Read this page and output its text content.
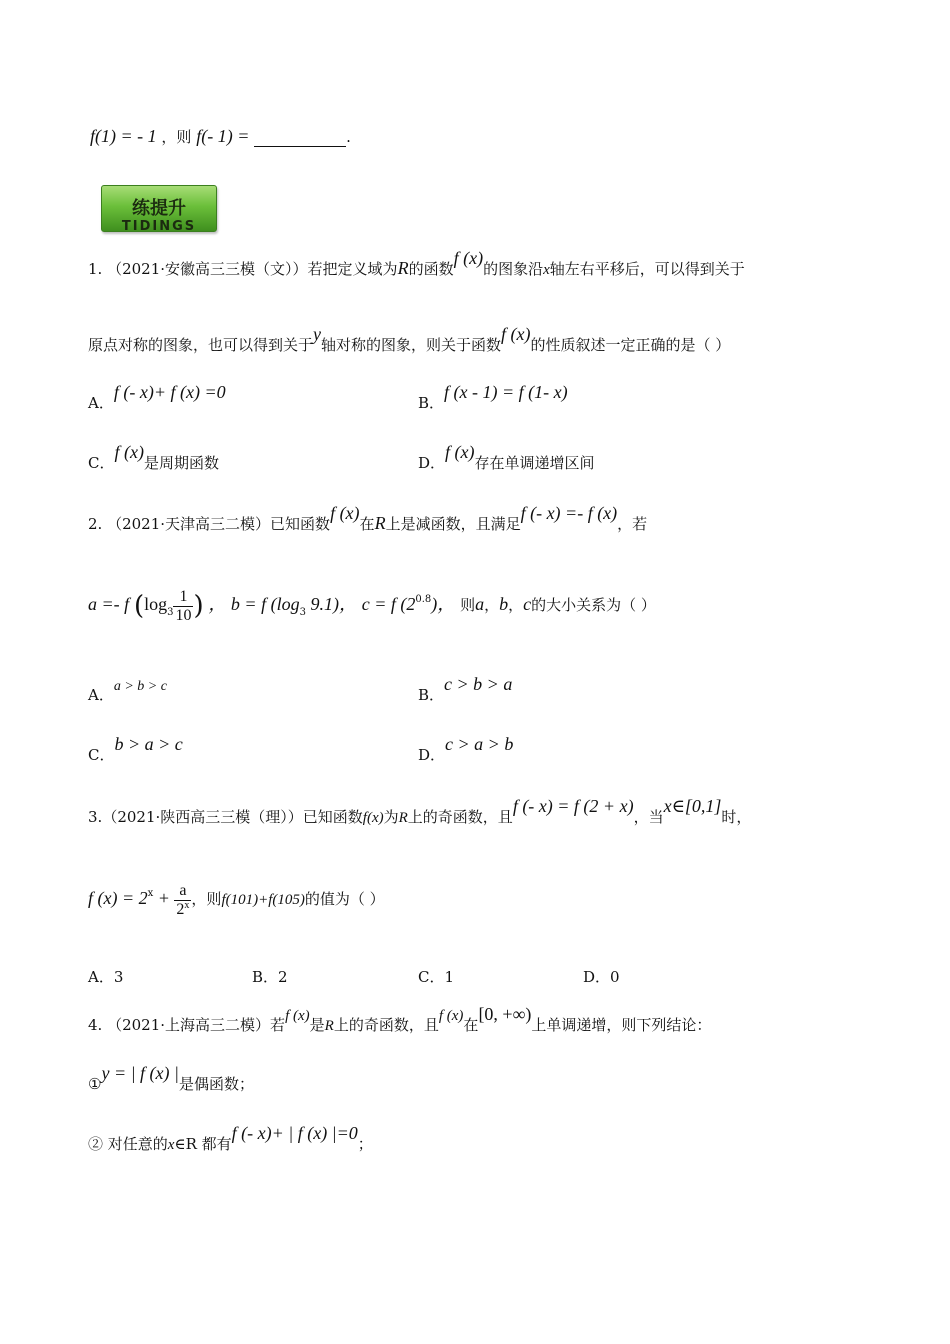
f(1) = - 1 ，则 f(- 1) =	.
练提升
TIDINGS
1. （2021·安徽高三三模（文））若把定义域为R的函数f (x)的图象沿x轴左右平移后，可以得到关于
原点对称的图象，也可以得到关于y轴对称的图象，则关于函数f (x)的性质叙述一定正确的是（ ）
A．f (- x)+ f (x) =0
B．f (x - 1) = f (1- x)
C．f (x)是周期函数	D．f (x)存在单调递增区间
2. （2021·天津高三二模）已知函数f (x)在R上是减函数，且满足f (- x) =- f (x)，若
a =- f ($\log_3 \frac{1}{10}$ ) ， b = f ($\log_3$ 9.1)， c = f $(2^{0.8})$， 则a，b，c的大小关系为（ ）
A．a > b > c	B．c > b > a
C．b > a > c
D．c > a > b
3.（2021·陕西高三三模（理））已知函数f(x)为R上的奇函数，且f (- x) = f (2 + x)，当x∈[0,1]时，
f $(x) = 2^x + \frac{a}{2^x}$ ，则f(101)+f(105)的值为（ ）
A．3	B．2	C．1	D．0
4. （2021·上海高三二模）若f (x)是R上的奇函数，且f (x)在[0, +∞)上单调递增，则下列结论：
①y = | f (x) |是偶函数；
② 对任意的x∈R 都有f (- x)+ | f (x) |=0；
